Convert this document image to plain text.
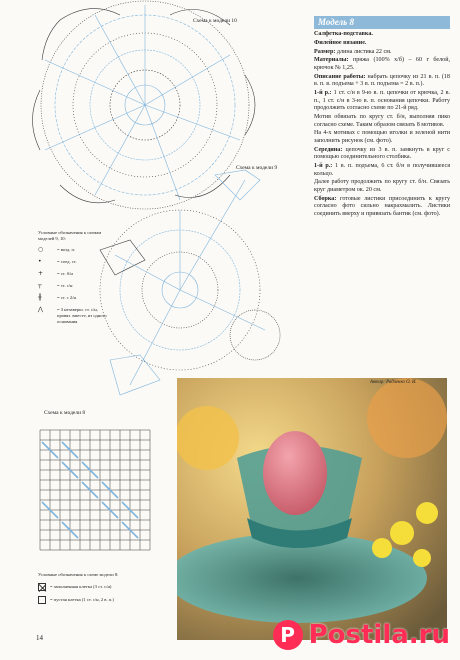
Схема к модели 10
Схема к модели 9
Схема к модели 8
Условные обозначения к схемам моделей 9, 10:
○	= возд. п.
•	= соед. ст.
+	= ст. б/н
┬	= ст. с/н
╫	= ст. с 2/н
⋀	= 3 незаверш. ст. с/н, провяз. вместе, из одного основания
Условные обозначения к схеме модели 8:
= заполненная клетка (3 ст. с/н)
= пустая клетка (1 ст. с/н, 2 в. п.)
Модель 8

Салфетка-подставка.

Филейное вязание.

Размер: длина листика 22 см.

Материалы: пряжа (100% х/б) – 60 г белой, крючок № 1,25.

Описание работы: набрать цепочку из 21 в. п. (18 в. п. в. подъема + 3 в. п. подъема = 2 в. п.).

1-й р.: 1 ст. с/н в 9-ю в. п. цепочки от крючка, 2 в. п., 1 ст. с/н в 3-ю в. п. основания цепочки. Работу продолжить согласно схеме по 21-й ряд.

Мотив обвязать по кругу ст. б/н, выполняя пико согласно схеме. Таким образом связать 8 мотивов.

На 4-х мотивах с помощью иголки и зеленой нити заполнить рисунок (см. фото).

Середина: цепочку из 3 в. п. замкнуть в круг с помощью соединительного столбика.

1-й р.: 1 в. п. подъема, 6 ст. б/н в получившееся кольцо.

Далее работу продолжить по кругу ст. б/н. Связать круг диаметром ок. 20 см.

Сборка: готовые листики присоединить к кругу согласно фото сильно накрахмалить. Листики соединить вверху и привязать бантик (см. фото).

Автор: Радченко О. И.
14	P Postila.ru
